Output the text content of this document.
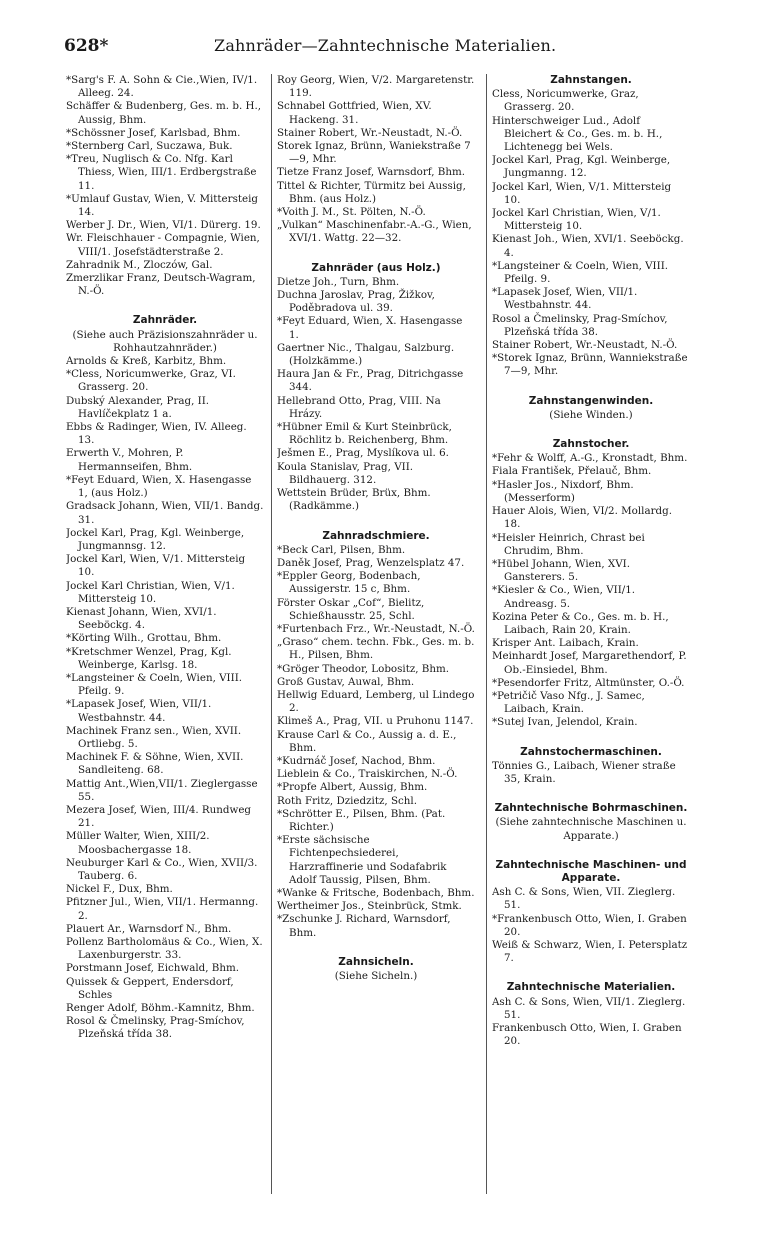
628*	Zahnräder—Zahntechnische Materialien.
*Sarg's F. A. Sohn & Cie.,Wien, IV/1. Alleeg. 24.
Schäffer & Budenberg, Ges. m. b. H., Aussig, Bhm.
*Schössner Josef, Karlsbad, Bhm.
*Sternberg Carl, Suczawa, Buk.
*Treu, Nuglisch & Co. Nfg. Karl Thiess, Wien, III/1. Erdbergstraße 11.
*Umlauf Gustav, Wien, V. Mittersteig 14.
Werber J. Dr., Wien, VI/1. Dürerg. 19.
Wr. Fleischhauer - Compagnie, Wien, VIII/1. Josefstädterstraße 2.
Zahradnik M., Zloczów, Gal.
Zmerzlikar Franz, Deutsch-Wagram, N.-Ö.
Zahnräder.
(Siehe auch Präzisionszahnräder u. Rohhautzahnräder.)
Arnolds & Kreß, Karbitz, Bhm.
*Cless, Noricumwerke, Graz, VI. Grasserg. 20.
Dubský Alexander, Prag, II. Havlíčekplatz 1 a.
Ebbs & Radinger, Wien, IV. Alleeg. 13.
Erwerth V., Mohren, P. Hermannseifen, Bhm.
*Feyt Eduard, Wien, X. Hasengasse 1, (aus Holz.)
Gradsack Johann, Wien, VII/1. Bandg. 31.
Jockel Karl, Prag, Kgl. Weinberge, Jungmannsg. 12.
Jockel Karl, Wien, V/1. Mittersteig 10.
Jockel Karl Christian, Wien, V/1. Mittersteig 10.
Kienast Johann, Wien, XVI/1. Seeböckg. 4.
*Körting Wilh., Grottau, Bhm.
*Kretschmer Wenzel, Prag, Kgl. Weinberge, Karlsg. 18.
*Langsteiner & Coeln, Wien, VIII. Pfeilg. 9.
*Lapasek Josef, Wien, VII/1. Westbahnstr. 44.
Machinek Franz sen., Wien, XVII. Ortliebg. 5.
Machinek F. & Söhne, Wien, XVII. Sandleiteng. 68.
Mattig Ant.,Wien,VII/1. Zieglergasse 55.
Mezera Josef, Wien, III/4. Rundweg 21.
Müller Walter, Wien, XIII/2. Moosbachergasse 18.
Neuburger Karl & Co., Wien, XVII/3. Tauberg. 6.
Nickel F., Dux, Bhm.
Pfitzner Jul., Wien, VII/1. Hermanng. 2.
Plauert Ar., Warnsdorf N., Bhm.
Pollenz Bartholomäus & Co., Wien, X. Laxenburgerstr. 33.
Porstmann Josef, Eichwald, Bhm.
Quissek & Geppert, Endersdorf, Schles
Renger Adolf, Böhm.-Kamnitz, Bhm.
Rosol & Čmelinsky, Prag-Smíchov, Plzeňská třída 38.
Roy Georg, Wien, V/2. Margaretenstr. 119.
Schnabel Gottfried, Wien, XV. Hackeng. 31.
Stainer Robert, Wr.-Neustadt, N.-Ö.
Storek Ignaz, Brünn, Waniekstraße 7—9, Mhr.
Tietze Franz Josef, Warnsdorf, Bhm.
Tittel & Richter, Türmitz bei Aussig, Bhm. (aus Holz.)
*Voith J. M., St. Pölten, N.-Ö.
„Vulkan“ Maschinenfabr.-A.-G., Wien, XVI/1. Wattg. 22—32.
Zahnräder (aus Holz.)
Dietze Joh., Turn, Bhm.
Duchna Jaroslav, Prag, Žižkov, Poděbradova ul. 39.
*Feyt Eduard, Wien, X. Hasengasse 1.
Gaertner Nic., Thalgau, Salzburg. (Holzkämme.)
Haura Jan & Fr., Prag, Ditrichgasse 344.
Hellebrand Otto, Prag, VIII. Na Hrázy.
*Hübner Emil & Kurt Steinbrück, Röchlitz b. Reichenberg, Bhm.
Ješmen E., Prag, Myslíkova ul. 6.
Koula Stanislav, Prag, VII. Bildhauerg. 312.
Wettstein Brüder, Brüx, Bhm. (Radkämme.)
Zahnradschmiere.
*Beck Carl, Pilsen, Bhm.
Daněk Josef, Prag, Wenzelsplatz 47.
*Eppler Georg, Bodenbach, Aussigerstr. 15 c, Bhm.
Förster Oskar „Cof“, Bielitz, Schießhausstr. 25, Schl.
*Furtenbach Frz., Wr.-Neustadt, N.-Ö.
„Graso“ chem. techn. Fbk., Ges. m. b. H., Pilsen, Bhm.
*Gröger Theodor, Lobositz, Bhm.
Groß Gustav, Auwal, Bhm.
Hellwig Eduard, Lemberg, ul Lindego 2.
Klimeš A., Prag, VII. u Pruhonu 1147.
Krause Carl & Co., Aussig a. d. E., Bhm.
*Kudrnáč Josef, Nachod, Bhm.
Lieblein & Co., Traiskirchen, N.-Ö.
*Propfe Albert, Aussig, Bhm.
Roth Fritz, Dziedzitz, Schl.
*Schrötter E., Pilsen, Bhm. (Pat. Richter.)
*Erste sächsische Fichtenpechsiederei, Harzraffinerie und Sodafabrik Adolf Taussig, Pilsen, Bhm.
*Wanke & Fritsche, Bodenbach, Bhm.
Wertheimer Jos., Steinbrück, Stmk.
*Zschunke J. Richard, Warnsdorf, Bhm.
Zahnsicheln.
(Siehe Sicheln.)
Zahnstangen.
Cless, Noricumwerke, Graz, Grasserg. 20.
Hinterschweiger Lud., Adolf Bleichert & Co., Ges. m. b. H., Lichtenegg bei Wels.
Jockel Karl, Prag, Kgl. Weinberge, Jungmanng. 12.
Jockel Karl, Wien, V/1. Mittersteig 10.
Jockel Karl Christian, Wien, V/1. Mittersteig 10.
Kienast Joh., Wien, XVI/1. Seeböckg. 4.
*Langsteiner & Coeln, Wien, VIII. Pfeilg. 9.
*Lapasek Josef, Wien, VII/1. Westbahnstr. 44.
Rosol a Čmelinsky, Prag-Smíchov, Plzeňská třída 38.
Stainer Robert, Wr.-Neustadt, N.-Ö.
*Storek Ignaz, Brünn, Wanniekstraße 7—9, Mhr.
Zahnstangenwinden.
(Siehe Winden.)
Zahnstocher.
*Fehr & Wolff, A.-G., Kronstadt, Bhm.
Fiala František, Přelauč, Bhm.
*Hasler Jos., Nixdorf, Bhm. (Messerform)
Hauer Alois, Wien, VI/2. Mollardg. 18.
*Heisler Heinrich, Chrast bei Chrudim, Bhm.
*Hübel Johann, Wien, XVI. Gansterers. 5.
*Kiesler & Co., Wien, VII/1. Andreasg. 5.
Kozina Peter & Co., Ges. m. b. H., Laibach, Rain 20, Krain.
Krisper Ant. Laibach, Krain.
Meinhardt Josef, Margarethendorf, P. Ob.-Einsiedel, Bhm.
*Pesendorfer Fritz, Altmünster, O.-Ö.
*Petričič Vaso Nfg., J. Samec, Laibach, Krain.
*Sutej Ivan, Jelendol, Krain.
Zahnstochermaschinen.
Tönnies G., Laibach, Wiener straße 35, Krain.
Zahntechnische Bohrmaschinen.
(Siehe zahntechnische Maschinen u. Apparate.)
Zahntechnische Maschinen- und Apparate.
Ash C. & Sons, Wien, VII. Zieglerg. 51.
*Frankenbusch Otto, Wien, I. Graben 20.
Weiß & Schwarz, Wien, I. Petersplatz 7.
Zahntechnische Materialien.
Ash C. & Sons, Wien, VII/1. Zieglerg. 51.
Frankenbusch Otto, Wien, I. Graben 20.
